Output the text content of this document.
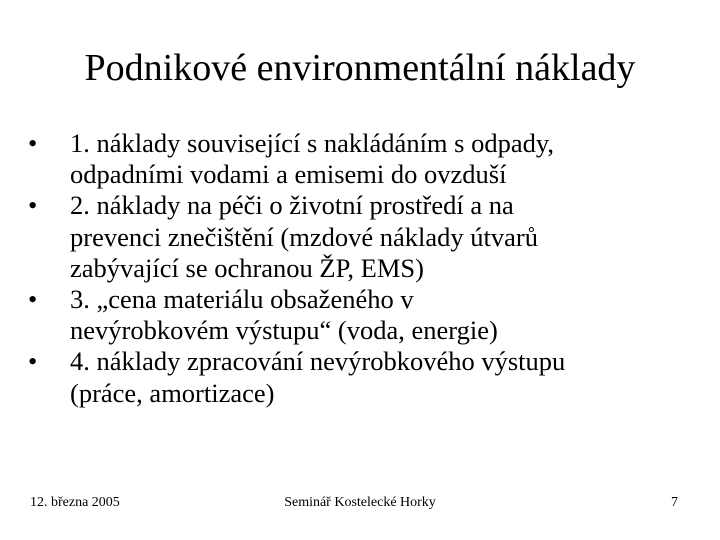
Podnikové environmentální náklady
•	1. náklady související s nakládáním s odpady,
odpadními vodami a emisemi do ovzduší
•	2. náklady na péči o životní prostředí a na
prevenci znečištění (mzdové náklady útvarů
zabývající se ochranou ŽP, EMS)
•	3. „cena materiálu obsaženého v
nevýrobkovém výstupu“ (voda, energie)
•	4. náklady zpracování nevýrobkového výstupu
(práce, amortizace)
12. března 2005	Seminář Kostelecké Horky	7
